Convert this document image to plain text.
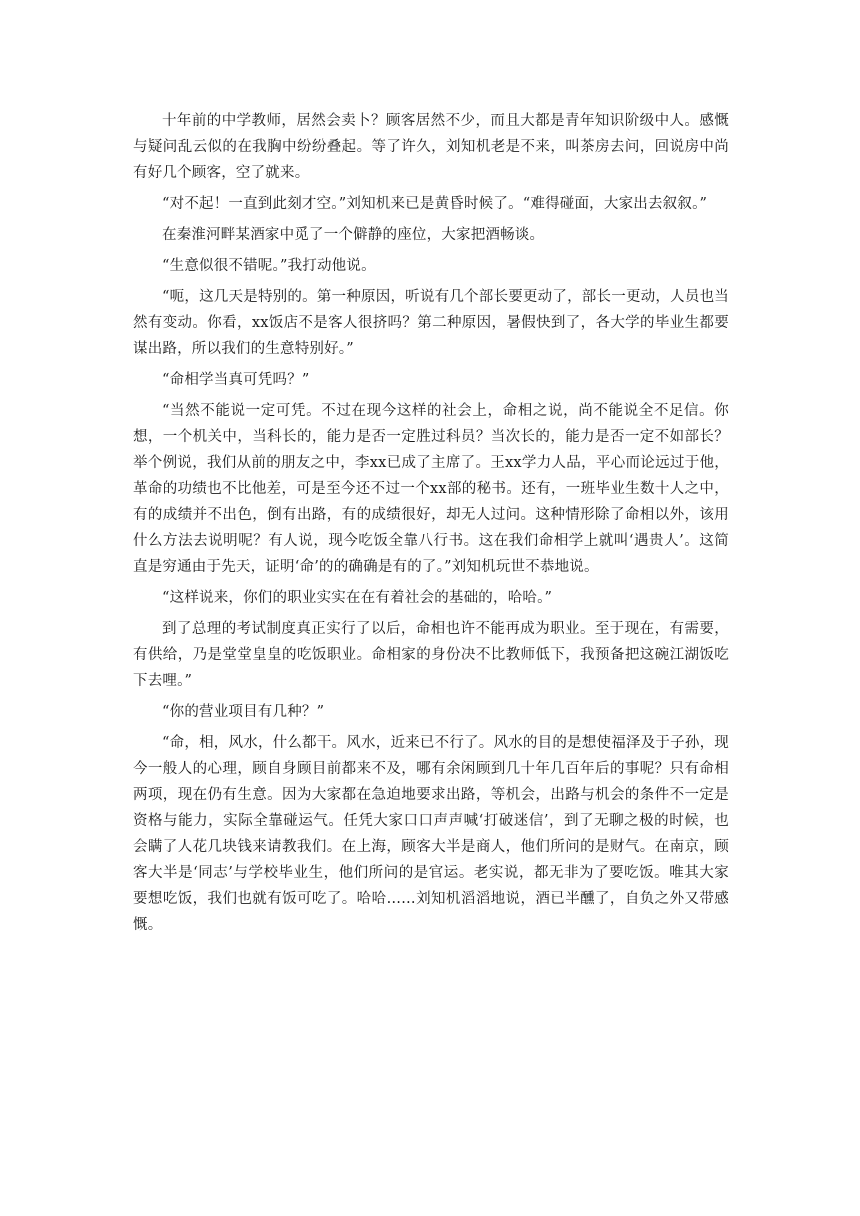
十年前的中学教师，居然会卖卜？顾客居然不少，而且大都是青年知识阶级中人。感慨与疑问乱云似的在我胸中纷纷叠起。等了许久，刘知机老是不来，叫茶房去问，回说房中尚有好几个顾客，空了就来。

“对不起！一直到此刻才空。”刘知机来已是黄昏时候了。“难得碰面，大家出去叙叙。”

在秦淮河畔某酒家中觅了一个僻静的座位，大家把酒畅谈。

“生意似很不错呢。”我打动他说。

“呃，这几天是特别的。第一种原因，听说有几个部长要更动了，部长一更动，人员也当然有变动。你看，xx饭店不是客人很挤吗？第二种原因，暑假快到了，各大学的毕业生都要谋出路，所以我们的生意特别好。”

“命相学当真可凭吗？”

“当然不能说一定可凭。不过在现今这样的社会上，命相之说，尚不能说全不足信。你想，一个机关中，当科长的，能力是否一定胜过科员？当次长的，能力是否一定不如部长？举个例说，我们从前的朋友之中，李xx已成了主席了。王xx学力人品，平心而论远过于他，革命的功绩也不比他差，可是至今还不过一个xx部的秘书。还有，一班毕业生数十人之中，有的成绩并不出色，倒有出路，有的成绩很好，却无人过问。这种情形除了命相以外，该用什么方法去说明呢？有人说，现今吃饭全靠八行书。这在我们命相学上就叫‘遇贵人’。这简直是穷通由于先天，证明‘命’的的确确是有的了。”刘知机玩世不恭地说。

“这样说来，你们的职业实实在在有着社会的基础的，哈哈。”

到了总理的考试制度真正实行了以后，命相也许不能再成为职业。至于现在，有需要，有供给，乃是堂堂皇皇的吃饭职业。命相家的身份决不比教师低下，我预备把这碗江湖饭吃下去哩。”

“你的营业项目有几种？”

“命，相，风水，什么都干。风水，近来已不行了。风水的目的是想使福泽及于子孙，现今一般人的心理，顾自身顾目前都来不及，哪有余闲顾到几十年几百年后的事呢？只有命相两项，现在仍有生意。因为大家都在急迫地要求出路，等机会，出路与机会的条件不一定是资格与能力，实际全靠碰运气。任凭大家口口声声喊‘打破迷信’，到了无聊之极的时候，也会瞒了人花几块钱来请教我们。在上海，顾客大半是商人，他们所问的是财气。在南京，顾客大半是‘同志’与学校毕业生，他们所问的是官运。老实说，都无非为了要吃饭。唯其大家要想吃饭，我们也就有饭可吃了。哈哈……刘知机滔滔地说，酒已半醺了，自负之外又带感慨。
